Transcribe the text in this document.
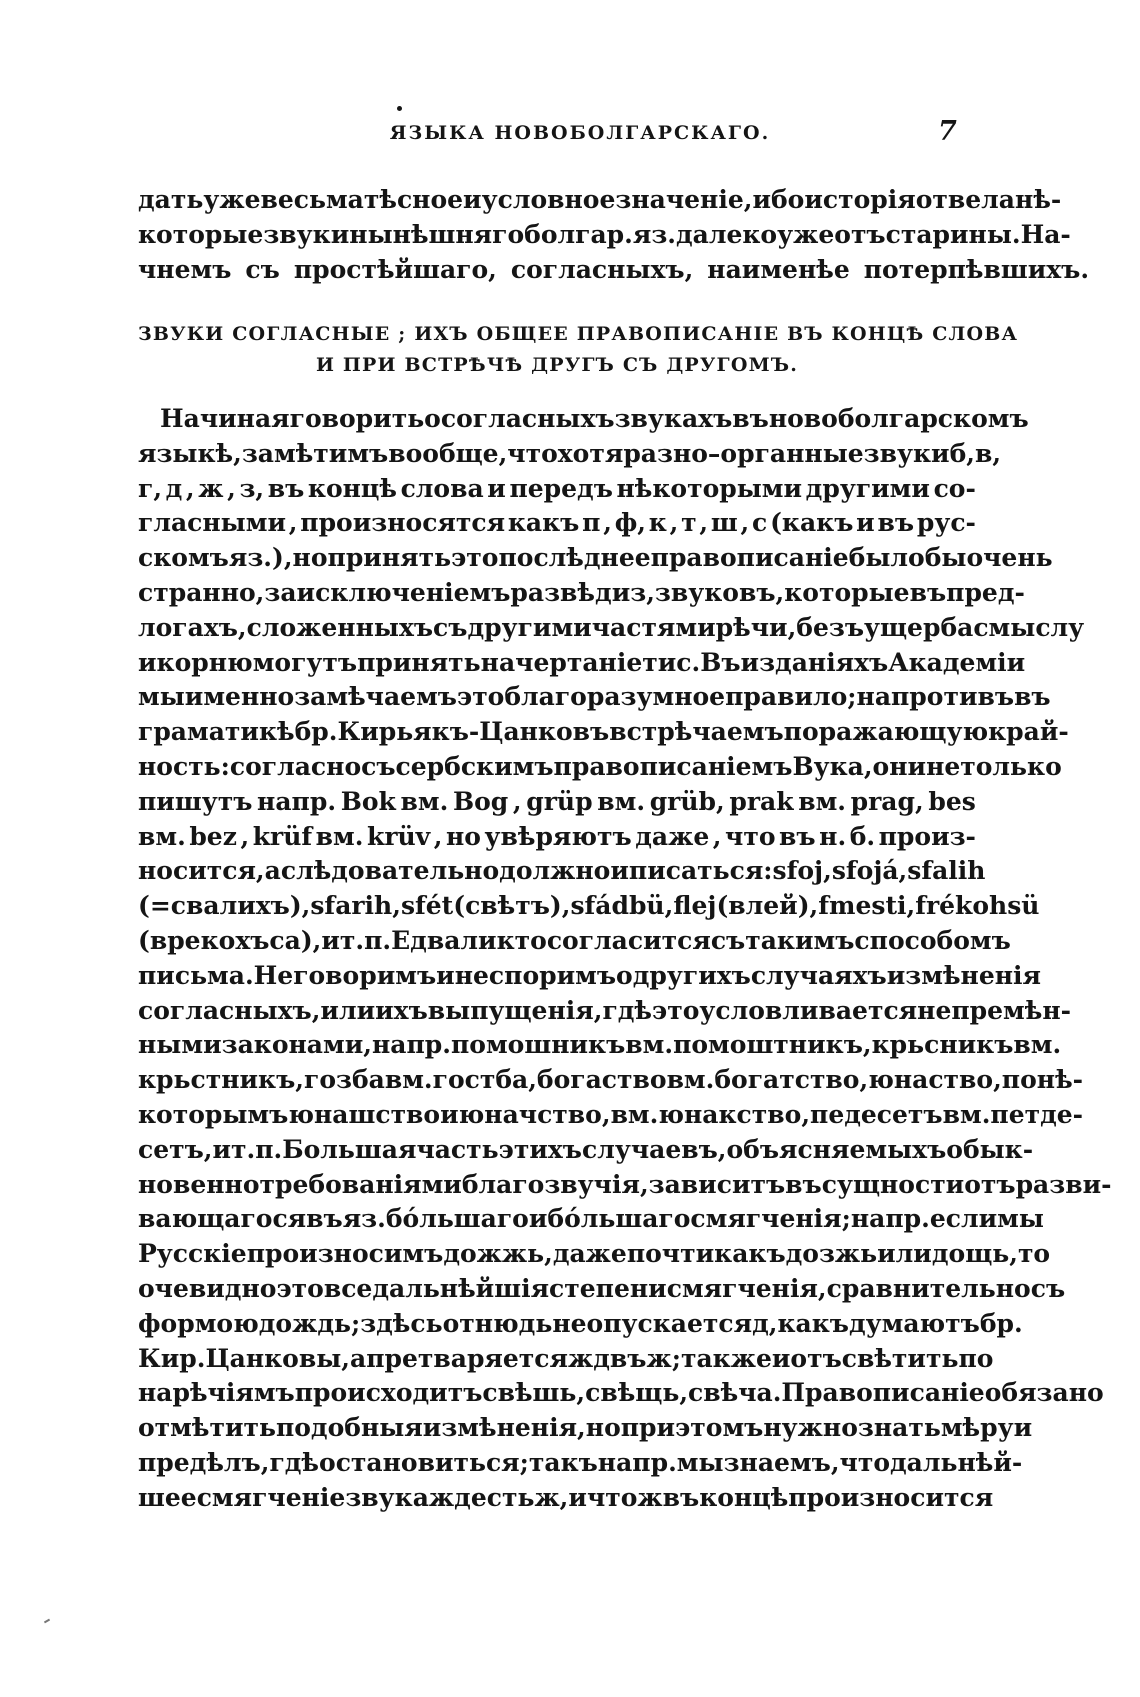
ЯЗЫКА НОВОБОЛГАРСКАГО.	7
дать уже весьма тѣсное и условное значенiе, ибо исторiя отвела нѣ-
которые звуки нынѣшняго болгар. яз. далеко уже отъ старины. На-
чнемъ съ простѣйшаго, согласныхъ, наименѣе потерпѣвшихъ.
ЗВУКИ СОГЛАСНЫЕ ; ИХЪ ОБЩЕЕ ПРАВОПИСАНIЕ ВЪ КОНЦѢ СЛОВА
И ПРИ ВСТРѢЧѢ ДРУГЪ СЪ ДРУГОМЪ.
Начиная говорить о согласныхъ звукахъ въ новоболгарскомъ
языкѣ , замѣтимъ вообще , что хотя разно–органные звуки б , в ,
г, д , ж , з, въ концѣ слова и передъ нѣкоторыми другими со-
гласными , произносятся какъ п , ф, к , т , ш , с (какъ и въ рус-
скомъ яз.), но принять это послѣднее правописанiе было бы очень
странно, за исключенiемъ развѣ д и з, звуковъ , которые въ пред-
логахъ, сложенныхъ съ другими частями рѣчи, безъ ущерба смыслу
и корню могутъ принять начертанiе т и с. Въ изданiяхъ Академiи
мы именно замѣчаемъ это благоразумное правило; напротивъ въ
граматикѣ бр. Кирьякъ - Цанковъ встрѣчаемъ поражающую край-
ность: согласно съ сербскимъ правописанiемъ Вука , они нетолько
пишутъ напр. Bok вм. Bog , grüp вм. grüb, prak вм. prag, bes
вм. bez , krüf вм. krüv , но увѣряютъ даже , что въ н. б. произ-
носится , а слѣдовательно должно и писаться: sfoj , sfojá, sfalih
(=свалихъ), sfarih, sfét (свѣтъ), sfádbü, flej (влей), fmesti, frékoh sü
(врекохъ са), и т. п. Едвали кто согласится съ такимъ способомъ
письма. Не говоримъ и не споримъ о другихъ случаяхъ измѣненiя
согласныхъ, или ихъ выпущенiя , гдѣ это условливается непремѣн-
ными законами , напр. помошникъ вм. помоштникъ , крьсникъ вм.
крьстникъ, гозба вм. гостба, богаство вм. богатство, юнаство, по нѣ-
которымъ юнашство и юначство, вм. юнакство , педесетъ вм. петде-
сетъ, и т. п. Большая часть этихъ случаевъ , объясняемыхъ обык-
новенно требованiями благозвучiя, зависитъ въ сущности отъ разви-
вающагося въ яз. бóльшаго и бóльшаго смягченiя; напр. если мы
Русскiе произносимъ дожжь, даже почти какъ дозжь или дощь , то
очевидно это все дальнѣйшiя степени смягченiя , сравнительно съ
формою дождь; здѣсь отнюдь не опускается д , какъ думаютъ бр.
Кир. Цанковы, а претваряется жд въ ж; также и отъ свѣтить по
нарѣчiямъ происходитъ свѣшь , свѣщь , свѣча. Правописанiе обязано
отмѣтить подобныя измѣненiя , но при этомъ нужно знать мѣру и
предѣлъ , гдѣ остановиться; такъ напр. мы знаемъ , что дальнѣй-
шее смягченiе звука жд есть ж, и что ж въ концѣ произносится
